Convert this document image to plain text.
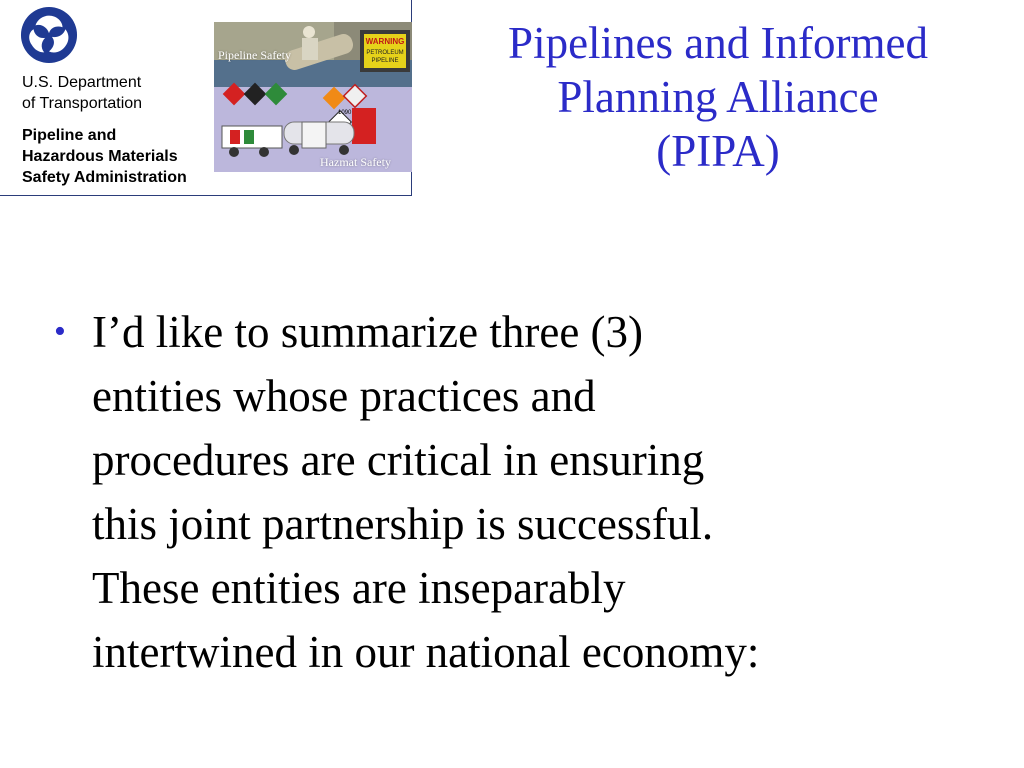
U.S. Department
of Transportation
Pipeline and
Hazardous Materials
Safety Administration
WARNING
PETROLEUM
PIPELINE
1090
Pipeline Safety
Hazmat Safety
Pipelines and Informed
Planning Alliance
(PIPA)
• I’d like to summarize three (3)
entities whose practices and
procedures are critical in ensuring
this joint partnership is successful.
These entities are inseparably
intertwined in our national economy:
